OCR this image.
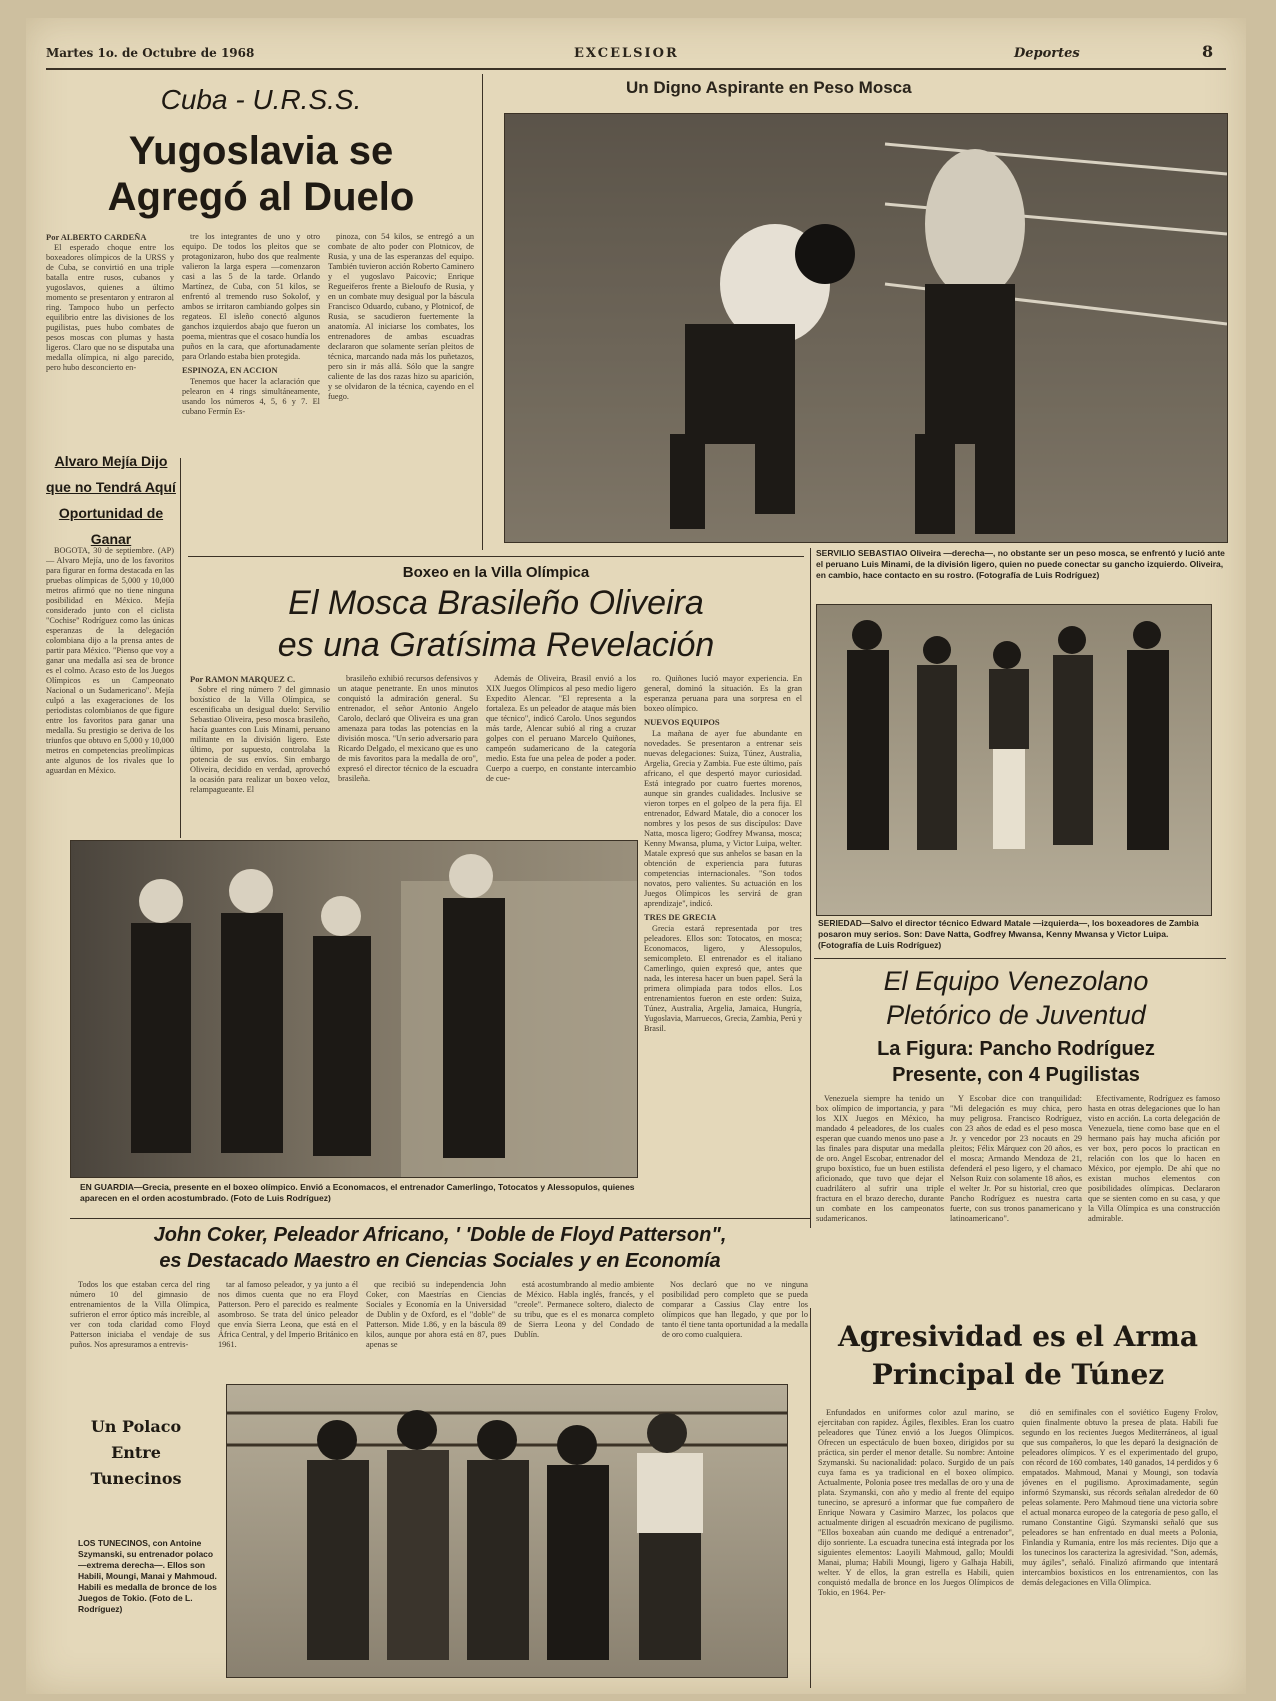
Martes 1o. de Octubre de 1968	EXCELSIOR	Deportes	8
Cuba - U.R.S.S.
Yugoslavia se Agregó al Duelo
Por ALBERTO CARDEÑA

El esperado choque entre los boxeadores olímpicos de la URSS y de Cuba, se convirtió en una triple batalla entre rusos, cubanos y yugoslavos, quienes a último momento se presentaron y entraron al ring. Tampoco hubo un perfecto equilibrio entre las divisiones de los pugilistas, pues hubo combates de pesos moscas con plumas y hasta ligeros. Claro que no se disputaba una medalla olímpica, ni algo parecido, pero hubo desconcierto en-

tre los integrantes de uno y otro equipo. De todos los pleitos que se protagonizaron, hubo dos que realmente valieron la larga espera —comenzaron casi a las 5 de la tarde. Orlando Martínez, de Cuba, con 51 kilos, se enfrentó al tremendo ruso Sokolof, y ambos se irritaron cambiando golpes sin regateos. El isleño conectó algunos ganchos izquierdos abajo que fueron un poema, mientras que el cosaco hundía los puños en la cara, que afortunadamente para Orlando estaba bien protegida.

ESPINOZA, EN ACCION

Tenemos que hacer la aclaración que pelearon en 4 rings simultáneamente, usando los números 4, 5, 6 y 7. El cubano Fermín Es-

pinoza, con 54 kilos, se entregó a un combate de alto poder con Plotnicov, de Rusia, y una de las esperanzas del equipo. También tuvieron acción Roberto Caminero y el yugoslavo Paicovic; Enrique Regueiferos frente a Bieloufo de Rusia, y en un combate muy desigual por la báscula Francisco Oduardo, cubano, y Plotnicof, de Rusia, se sacudieron fuertemente la anatomía. Al iniciarse los combates, los entrenadores de ambas escuadras declararon que solamente serían pleitos de técnica, marcando nada más los puñetazos, pero sin ir más allá. Sólo que la sangre caliente de las dos razas hizo su aparición, y se olvidaron de la técnica, cayendo en el fuego.

Alvaro Mejía Dijo que no Tendrá Aquí Oportunidad de Ganar

BOGOTA, 30 de septiembre. (AP) — Alvaro Mejía, uno de los favoritos para figurar en forma destacada en las pruebas olímpicas de 5,000 y 10,000 metros afirmó que no tiene ninguna posibilidad en México. Mejía considerado junto con el ciclista "Cochise" Rodríguez como las únicas esperanzas de la delegación colombiana dijo a la prensa antes de partir para México. "Pienso que voy a ganar una medalla así sea de bronce es el colmo. Acaso esto de los Juegos Olímpicos es un Campeonato Nacional o un Sudamericano". Mejía culpó a las exageraciones de los periodistas colombianos de que figure entre los favoritos para ganar una medalla. Su prestigio se deriva de los triunfos que obtuvo en 5,000 y 10,000 metros en competencias preolímpicas ante algunos de los rivales que lo aguardan en México.

Un Digno Aspirante en Peso Mosca
SERVILIO SEBASTIAO Oliveira —derecha—, no obstante ser un peso mosca, se enfrentó y lució ante el peruano Luis Minami, de la división ligero, quien no puede conectar su gancho izquierdo. Oliveira, en cambio, hace contacto en su rostro. (Fotografía de Luis Rodríguez)
Boxeo en la Villa Olímpica
El Mosca Brasileño Oliveira
es una Gratísima Revelación
Por RAMON MARQUEZ C.

Sobre el ring número 7 del gimnasio boxístico de la Villa Olímpica, se escenificaba un desigual duelo: Servilio Sebastiao Oliveira, peso mosca brasileño, hacía guantes con Luis Minami, peruano militante en la división ligero. Este último, por supuesto, controlaba la potencia de sus envíos. Sin embargo Oliveira, decidido en verdad, aprovechó la ocasión para realizar un boxeo veloz, relampagueante. El

brasileño exhibió recursos defensivos y un ataque penetrante. En unos minutos conquistó la admiración general. Su entrenador, el señor Antonio Angelo Carolo, declaró que Oliveira es una gran amenaza para todas las potencias en la división mosca. "Un serio adversario para Ricardo Delgado, el mexicano que es uno de mis favoritos para la medalla de oro", expresó el director técnico de la escuadra brasileña.

Además de Oliveira, Brasil envió a los XIX Juegos Olímpicos al peso medio ligero Expedito Alencar. "El representa a la fortaleza. Es un peleador de ataque más bien que técnico", indicó Carolo. Unos segundos más tarde, Alencar subió al ring a cruzar golpes con el peruano Marcelo Quiñones, campeón sudamericano de la categoría medio. Esta fue una pelea de poder a poder. Cuerpo a cuerpo, en constante intercambio de cue-

ro. Quiñones lució mayor experiencia. En general, dominó la situación. Es la gran esperanza peruana para una sorpresa en el boxeo olímpico.

NUEVOS EQUIPOS

La mañana de ayer fue abundante en novedades. Se presentaron a entrenar seis nuevas delegaciones: Suiza, Túnez, Australia, Argelia, Grecia y Zambia. Fue este último, país africano, el que despertó mayor curiosidad. Está integrado por cuatro fuertes morenos, aunque sin grandes cualidades. Inclusive se vieron torpes en el golpeo de la pera fija. El entrenador, Edward Matale, dio a conocer los nombres y los pesos de sus discípulos: Dave Natta, mosca ligero; Godfrey Mwansa, mosca; Kenny Mwansa, pluma, y Victor Luipa, welter. Matale expresó que sus anhelos se basan en la obtención de experiencia para futuras competencias internacionales. "Son todos novatos, pero valientes. Su actuación en los Juegos Olímpicos les servirá de gran aprendizaje", indicó.

TRES DE GRECIA

Grecia estará representada por tres peleadores. Ellos son: Totocatos, en mosca; Economacos, ligero, y Alessopulos, semicompleto. El entrenador es el italiano Camerlingo, quien expresó que, antes que nada, les interesa hacer un buen papel. Será la primera olimpiada para todos ellos. Los entrenamientos fueron en este orden: Suiza, Túnez, Australia, Argelia, Jamaica, Hungría, Yugoslavia, Marruecos, Grecia, Zambia, Perú y Brasil.

EN GUARDIA—Grecia, presente en el boxeo olímpico. Envió a Economacos, el entrenador Camerlingo, Totocatos y Alessopulos, quienes aparecen en el orden acostumbrado. (Foto de Luis Rodríguez)
SERIEDAD—Salvo el director técnico Edward Matale —izquierda—, los boxeadores de Zambia posaron muy serios. Son: Dave Natta, Godfrey Mwansa, Kenny Mwansa y Victor Luipa. (Fotografía de Luis Rodríguez)
El Equipo Venezolano
Pletórico de Juventud
La Figura: Pancho Rodríguez
Presente, con 4 Pugilistas

Venezuela siempre ha tenido un box olímpico de importancia, y para los XIX Juegos en México, ha mandado 4 peleadores, de los cuales esperan que cuando menos uno pase a las finales para disputar una medalla de oro. Angel Escobar, entrenador del grupo boxístico, fue un buen estilista aficionado, que tuvo que dejar el cuadrilátero al sufrir una triple fractura en el brazo derecho, durante un combate en los campeonatos sudamericanos.

Y Escobar dice con tranquilidad: "Mi delegación es muy chica, pero muy peligrosa. Francisco Rodríguez, con 23 años de edad es el peso mosca Jr. y vencedor por 23 nocauts en 29 pleitos; Félix Márquez con 20 años, es el mosca; Armando Mendoza de 21, defenderá el peso ligero, y el chamaco Nelson Ruiz con solamente 18 años, es el welter Jr. Por su historial, creo que Pancho Rodríguez es nuestra carta fuerte, con sus tronos panamericano y latinoamericano".

Efectivamente, Rodríguez es famoso hasta en otras delegaciones que lo han visto en acción. La corta delegación de Venezuela, tiene como base que en el hermano país hay mucha afición por ver box, pero pocos lo practican en relación con los que lo hacen en México, por ejemplo. De ahí que no existan muchos elementos con posibilidades olímpicas. Declararon que se sienten como en su casa, y que la Villa Olímpica es una construcción admirable.

John Coker, Peleador Africano, ' 'Doble de Floyd Patterson",
es Destacado Maestro en Ciencias Sociales y en Economía

Todos los que estaban cerca del ring número 10 del gimnasio de entrenamientos de la Villa Olímpica, sufrieron el error óptico más increíble, al ver con toda claridad como Floyd Patterson iniciaba el vendaje de sus puños. Nos apresuramos a entrevis-

tar al famoso peleador, y ya junto a él nos dimos cuenta que no era Floyd Patterson. Pero el parecido es realmente asombroso. Se trata del único peleador que envía Sierra Leona, que está en el África Central, y del Imperio Británico en 1961.

que recibió su independencia John Coker, con Maestrías en Ciencias Sociales y Economía en la Universidad de Dublin y de Oxford, es el "doble" de Patterson. Mide 1.86, y en la báscula 89 kilos, aunque por ahora está en 87, pues apenas se

está acostumbrando al medio ambiente de México. Habla inglés, francés, y el "creole". Permanece soltero, dialecto de su tribu, que es el es monarca completo de Sierra Leona y del Condado de Dublín.

Nos declaró que no ve ninguna posibilidad pero completo que se pueda comparar a Cassius Clay entre los olímpicos que han llegado, y que por lo tanto él tiene tanta oportunidad a la medalla de oro como cualquiera.

Un Polaco Entre Tunecinos
LOS TUNECINOS, con Antoine Szymanski, su entrenador polaco —extrema derecha—. Ellos son Habili, Moungi, Manai y Mahmoud. Habili es medalla de bronce de los Juegos de Tokio. (Foto de L. Rodríguez)
Agresividad es el Arma
Principal de Túnez

Enfundados en uniformes color azul marino, se ejercitaban con rapidez. Ágiles, flexibles. Eran los cuatro peleadores que Túnez envió a los Juegos Olímpicos. Ofrecen un espectáculo de buen boxeo, dirigidos por su práctica, sin perder el menor detalle. Su nombre: Antoine Szymanski. Su nacionalidad: polaco. Surgido de un país cuya fama es ya tradicional en el boxeo olímpico. Actualmente, Polonia posee tres medallas de oro y una de plata. Szymanski, con año y medio al frente del equipo tunecino, se apresuró a informar que fue compañero de Enrique Nowara y Casimiro Marzec, los polacos que actualmente dirigen al escuadrón mexicano de pugilismo. "Ellos boxeaban aún cuando me dediqué a entrenador", dijo sonriente. La escuadra tunecina está integrada por los siguientes elementos: Laoyili Mahmoud, gallo; Mouldi Manai, pluma; Habili Moungi, ligero y Galhaja Habili, welter. Y de ellos, la gran estrella es Habili, quien conquistó medalla de bronce en los Juegos Olímpicos de Tokio, en 1964. Per-

dió en semifinales con el soviético Eugeny Frolov, quien finalmente obtuvo la presea de plata. Habili fue segundo en los recientes Juegos Mediterráneos, al igual que sus compañeros, lo que les deparó la designación de peleadores olímpicos. Y es el experimentado del grupo, con récord de 160 combates, 140 ganados, 14 perdidos y 6 empatados. Mahmoud, Manai y Moungi, son todavía jóvenes en el pugilismo. Aproximadamente, según informó Szymanski, sus récords señalan alrededor de 60 peleas solamente. Pero Mahmoud tiene una victoria sobre el actual monarca europeo de la categoría de peso gallo, el rumano Constantine Gigú. Szymanski señaló que sus peleadores se han enfrentado en dual meets a Polonia, Finlandia y Rumania, entre los más recientes. Dijo que a los tunecinos los caracteriza la agresividad. "Son, además, muy ágiles", señaló. Finalizó afirmando que intentará intercambios boxísticos en los entrenamientos, con las demás delegaciones en Villa Olímpica.
